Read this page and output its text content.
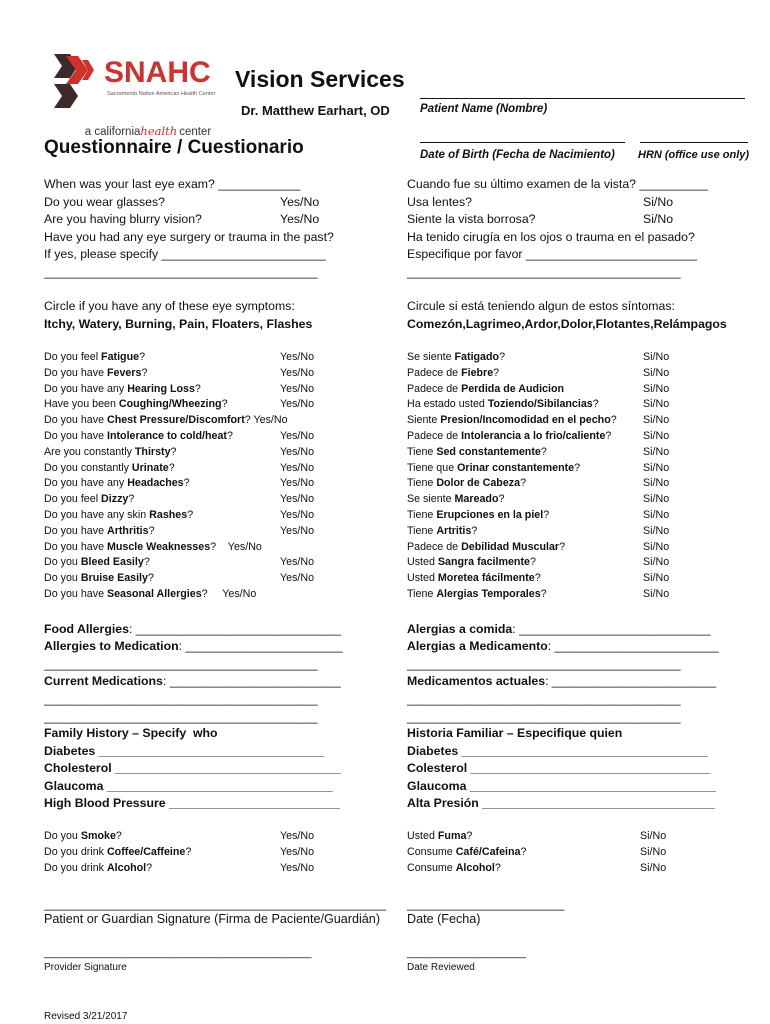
SNAHC
Sacramento Native American Health Center

a californiahealth center

Vision Services
Dr. Matthew Earhart, OD	Patient Name (Nombre)
Date of Birth (Fecha de Nacimiento) HRN (office use only)
Questionnaire / Cuestionario
When was your last eye exam? ____________
Do you wear glasses?	Yes/No
Are you having blurry vision?	Yes/No
Have you had any eye surgery or trauma in the past?
If yes, please specify ________________________
________________________________________
Cuando fue su último examen de la vista? __________
Usa lentes?	Si/No
Siente la vista borrosa?	Si/No
Ha tenido cirugía en los ojos o trauma en el pasado?
Especifique por favor _________________________
________________________________________
Circle if you have any of these eye symptoms:
Itchy, Watery, Burning, Pain, Floaters, Flashes
Circule si está teniendo algun de estos síntomas:
Comezón,Lagrimeo,Ardor,Dolor,Flotantes,Relámpagos
Do you feel Fatigue?	Yes/No
Do you have Fevers?	Yes/No
Do you have any Hearing Loss?	Yes/No
Have you been Coughing/Wheezing?	Yes/No
Do you have Chest Pressure/Discomfort? Yes/No
Do you have Intolerance to cold/heat?	Yes/No
Are you constantly Thirsty?	Yes/No
Do you constantly Urinate?	Yes/No
Do you have any Headaches?	Yes/No
Do you feel Dizzy?	Yes/No
Do you have any skin Rashes?	Yes/No
Do you have Arthritis?	Yes/No
Do you have Muscle Weaknesses?    Yes/No
Do you Bleed Easily?	Yes/No
Do you Bruise Easily?	Yes/No
Do you have Seasonal Allergies?     Yes/No
Se siente Fatigado?	Si/No
Padece de Fiebre?	Si/No
Padece de Perdida de Audicion	Si/No
Ha estado usted Toziendo/Sibilancias?	Si/No
Siente Presion/Incomodidad en el pecho? Si/No
Padece de Intolerancia a lo frio/caliente?	Si/No
Tiene Sed constantemente?	Si/No
Tiene que Orinar constantemente?	Si/No
Tiene Dolor de Cabeza?	Si/No
Se siente Mareado?	Si/No
Tiene Erupciones en la piel?	Si/No
Tiene Artritis?	Si/No
Padece de Debilidad Muscular?	Si/No
Usted Sangra facilmente?	Si/No
Usted Moretea fácilmente?	Si/No
Tiene Alergias Temporales?	Si/No
Food Allergies: ______________________________
Allergies to Medication: _______________________
________________________________________
Current Medications: _________________________
________________________________________
________________________________________
Alergias a comida: ____________________________
Alergias a Medicamento: ________________________
________________________________________
Medicamentos actuales: ________________________
________________________________________
________________________________________
Family History – Specify  who
Diabetes _________________________________
Cholesterol _________________________________
Glaucoma _________________________________
High Blood Pressure _________________________
Historia Familiar – Especifique quien
Diabetes ____________________________________
Colesterol ___________________________________
Glaucoma ____________________________________
Alta Presión __________________________________
Do you Smoke?	Yes/No
Do you drink Coffee/Caffeine?	Yes/No
Do you drink Alcohol?	Yes/No
Usted Fuma?	Si/No
Consume Café/Cafeina?	Si/No
Consume Alcohol?	Si/No
__________________________________________________
Patient or Guardian Signature (Firma de Paciente/Guardián)
_______________________
Date (Fecha)
_____________________________________________
Provider Signature
____________________
Date Reviewed
Revised 3/21/2017
